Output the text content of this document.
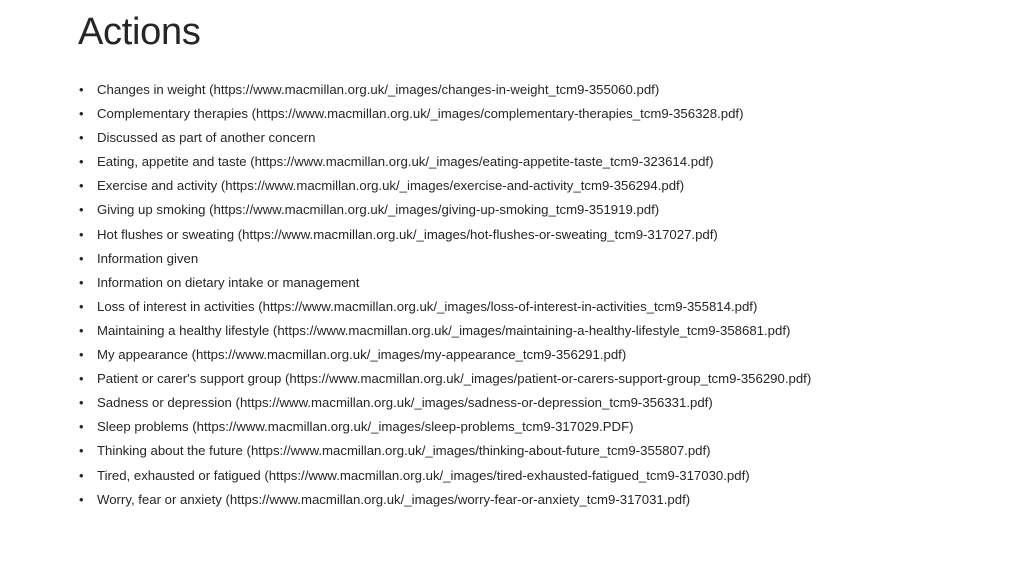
Actions
• Changes in weight (https://www.macmillan.org.uk/_images/changes-in-weight_tcm9-355060.pdf)
• Complementary therapies (https://www.macmillan.org.uk/_images/complementary-therapies_tcm9-356328.pdf)
• Discussed as part of another concern
• Eating, appetite and taste (https://www.macmillan.org.uk/_images/eating-appetite-taste_tcm9-323614.pdf)
• Exercise and activity (https://www.macmillan.org.uk/_images/exercise-and-activity_tcm9-356294.pdf)
• Giving up smoking (https://www.macmillan.org.uk/_images/giving-up-smoking_tcm9-351919.pdf)
• Hot flushes or sweating (https://www.macmillan.org.uk/_images/hot-flushes-or-sweating_tcm9-317027.pdf)
• Information given
• Information on dietary intake or management
• Loss of interest in activities (https://www.macmillan.org.uk/_images/loss-of-interest-in-activities_tcm9-355814.pdf)
• Maintaining a healthy lifestyle (https://www.macmillan.org.uk/_images/maintaining-a-healthy-lifestyle_tcm9-358681.pdf)
• My appearance (https://www.macmillan.org.uk/_images/my-appearance_tcm9-356291.pdf)
• Patient or carer's support group (https://www.macmillan.org.uk/_images/patient-or-carers-support-group_tcm9-356290.pdf)
• Sadness or depression (https://www.macmillan.org.uk/_images/sadness-or-depression_tcm9-356331.pdf)
• Sleep problems (https://www.macmillan.org.uk/_images/sleep-problems_tcm9-317029.PDF)
• Thinking about the future (https://www.macmillan.org.uk/_images/thinking-about-future_tcm9-355807.pdf)
• Tired, exhausted or fatigued (https://www.macmillan.org.uk/_images/tired-exhausted-fatigued_tcm9-317030.pdf)
• Worry, fear or anxiety (https://www.macmillan.org.uk/_images/worry-fear-or-anxiety_tcm9-317031.pdf)
